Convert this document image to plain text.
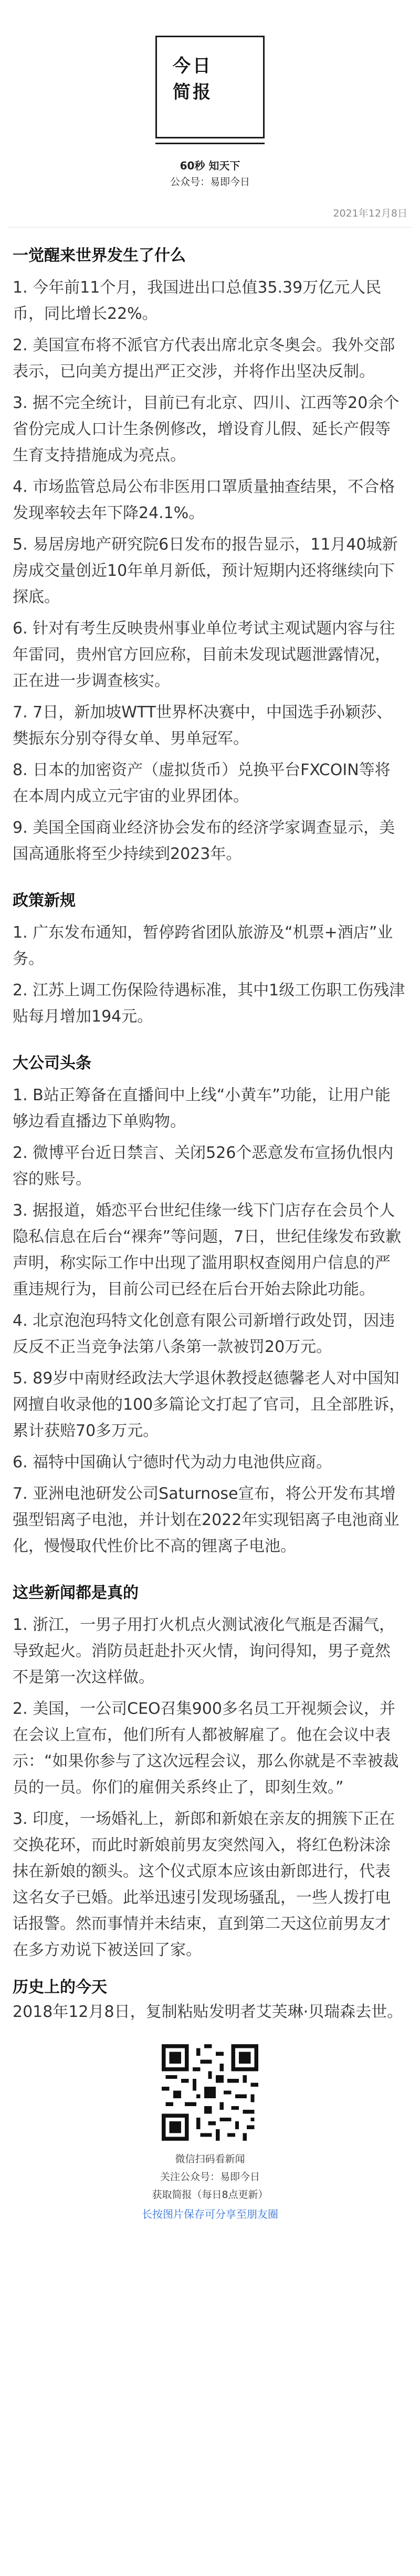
今日
简报
60秒 知天下
公众号：易即今日
2021年12月8日
一觉醒来世界发生了什么
1. 今年前11个月，我国进出口总值35.39万亿元人民币，同比增长22%。
2. 美国宣布将不派官方代表出席北京冬奥会。我外交部表示，已向美方提出严正交涉，并将作出坚决反制。
3. 据不完全统计，目前已有北京、四川、江西等20余个省份完成人口计生条例修改，增设育儿假、延长产假等生育支持措施成为亮点。
4. 市场监管总局公布非医用口罩质量抽查结果，不合格发现率较去年下降24.1%。
5. 易居房地产研究院6日发布的报告显示，11月40城新房成交量创近10年单月新低，预计短期内还将继续向下探底。
6. 针对有考生反映贵州事业单位考试主观试题内容与往年雷同，贵州官方回应称，目前未发现试题泄露情况，正在进一步调查核实。
7. 7日，新加坡WTT世界杯决赛中，中国选手孙颖莎、樊振东分别夺得女单、男单冠军。
8. 日本的加密资产（虚拟货币）兑换平台FXCOIN等将在本周内成立元宇宙的业界团体。
9. 美国全国商业经济协会发布的经济学家调查显示，美国高通胀将至少持续到2023年。
政策新规
1. 广东发布通知，暂停跨省团队旅游及“机票+酒店”业务。
2. 江苏上调工伤保险待遇标准，其中1级工伤职工伤残津贴每月增加194元。
大公司头条
1. B站正筹备在直播间中上线“小黄车”功能，让用户能够边看直播边下单购物。
2. 微博平台近日禁言、关闭526个恶意发布宣扬仇恨内容的账号。
3. 据报道，婚恋平台世纪佳缘一线下门店存在会员个人隐私信息在后台“裸奔”等问题，7日，世纪佳缘发布致歉声明，称实际工作中出现了滥用职权查阅用户信息的严重违规行为，目前公司已经在后台开始去除此功能。
4. 北京泡泡玛特文化创意有限公司新增行政处罚，因违反反不正当竞争法第八条第一款被罚20万元。
5. 89岁中南财经政法大学退休教授赵德馨老人对中国知网擅自收录他的100多篇论文打起了官司，且全部胜诉，累计获赔70多万元。
6. 福特中国确认宁德时代为动力电池供应商。
7. 亚洲电池研发公司Saturnose宣布，将公开发布其增强型铝离子电池，并计划在2022年实现铝离子电池商业化，慢慢取代性价比不高的锂离子电池。
这些新闻都是真的
1. 浙江，一男子用打火机点火测试液化气瓶是否漏气，导致起火。消防员赶赴扑灭火情，询问得知，男子竟然不是第一次这样做。
2. 美国，一公司CEO召集900多名员工开视频会议，并在会议上宣布，他们所有人都被解雇了。他在会议中表示：“如果你参与了这次远程会议，那么你就是不幸被裁员的一员。你们的雇佣关系终止了，即刻生效。”
3. 印度，一场婚礼上，新郎和新娘在亲友的拥簇下正在交换花环，而此时新娘前男友突然闯入，将红色粉沫涂抹在新娘的额头。这个仪式原本应该由新郎进行，代表这名女子已婚。此举迅速引发现场骚乱，一些人拨打电话报警。然而事情并未结束，直到第二天这位前男友才在多方劝说下被送回了家。
历史上的今天
2018年12月8日，复制粘贴发明者艾芙琳·贝瑞森去世。
微信扫码看新闻
关注公众号：易即今日
获取简报（每日8点更新）
长按图片保存可分享至朋友圈
